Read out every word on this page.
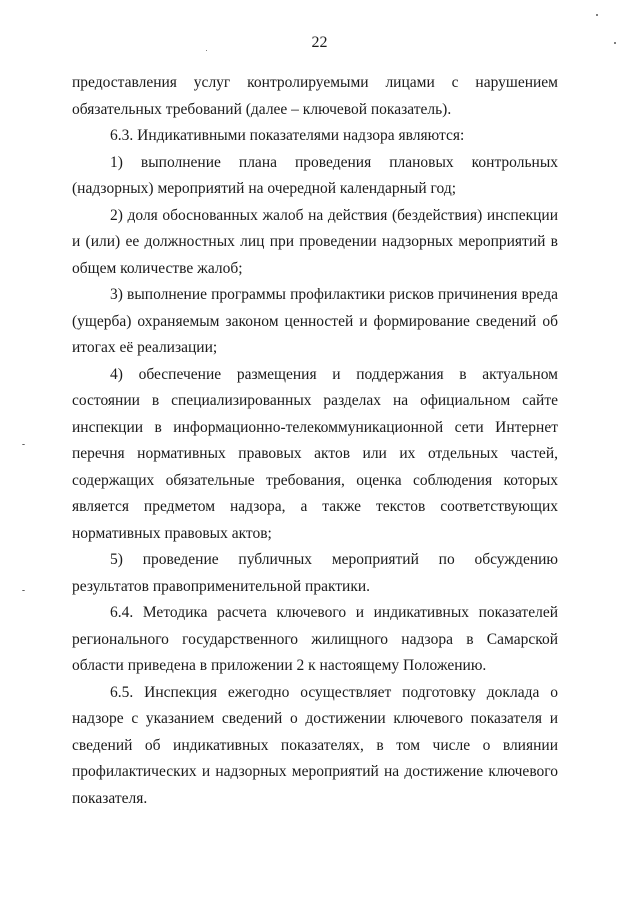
22

предоставления услуг контролируемыми лицами с нарушением обязательных требований (далее – ключевой показатель).

6.3. Индикативными показателями надзора являются:

1) выполнение плана проведения плановых контрольных (надзорных) мероприятий на очередной календарный год;

2) доля обоснованных жалоб на действия (бездействия) инспекции и (или) ее должностных лиц при проведении надзорных мероприятий в общем количестве жалоб;

3) выполнение программы профилактики рисков причинения вреда (ущерба) охраняемым законом ценностей и формирование сведений об итогах её реализации;

4) обеспечение размещения и поддержания в актуальном состоянии в специализированных разделах на официальном сайте инспекции в информационно-телекоммуникационной сети Интернет перечня нормативных правовых актов или их отдельных частей, содержащих обязательные требования, оценка соблюдения которых является предметом надзора, а также текстов соответствующих нормативных правовых актов;

5) проведение публичных мероприятий по обсуждению результатов правоприменительной практики.

6.4. Методика расчета ключевого и индикативных показателей регионального государственного жилищного надзора в Самарской области приведена в приложении 2 к настоящему Положению.

6.5. Инспекция ежегодно осуществляет подготовку доклада о надзоре с указанием сведений о достижении ключевого показателя и сведений об индикативных показателях, в том числе о влиянии профилактических и надзорных мероприятий на достижение ключевого показателя.
